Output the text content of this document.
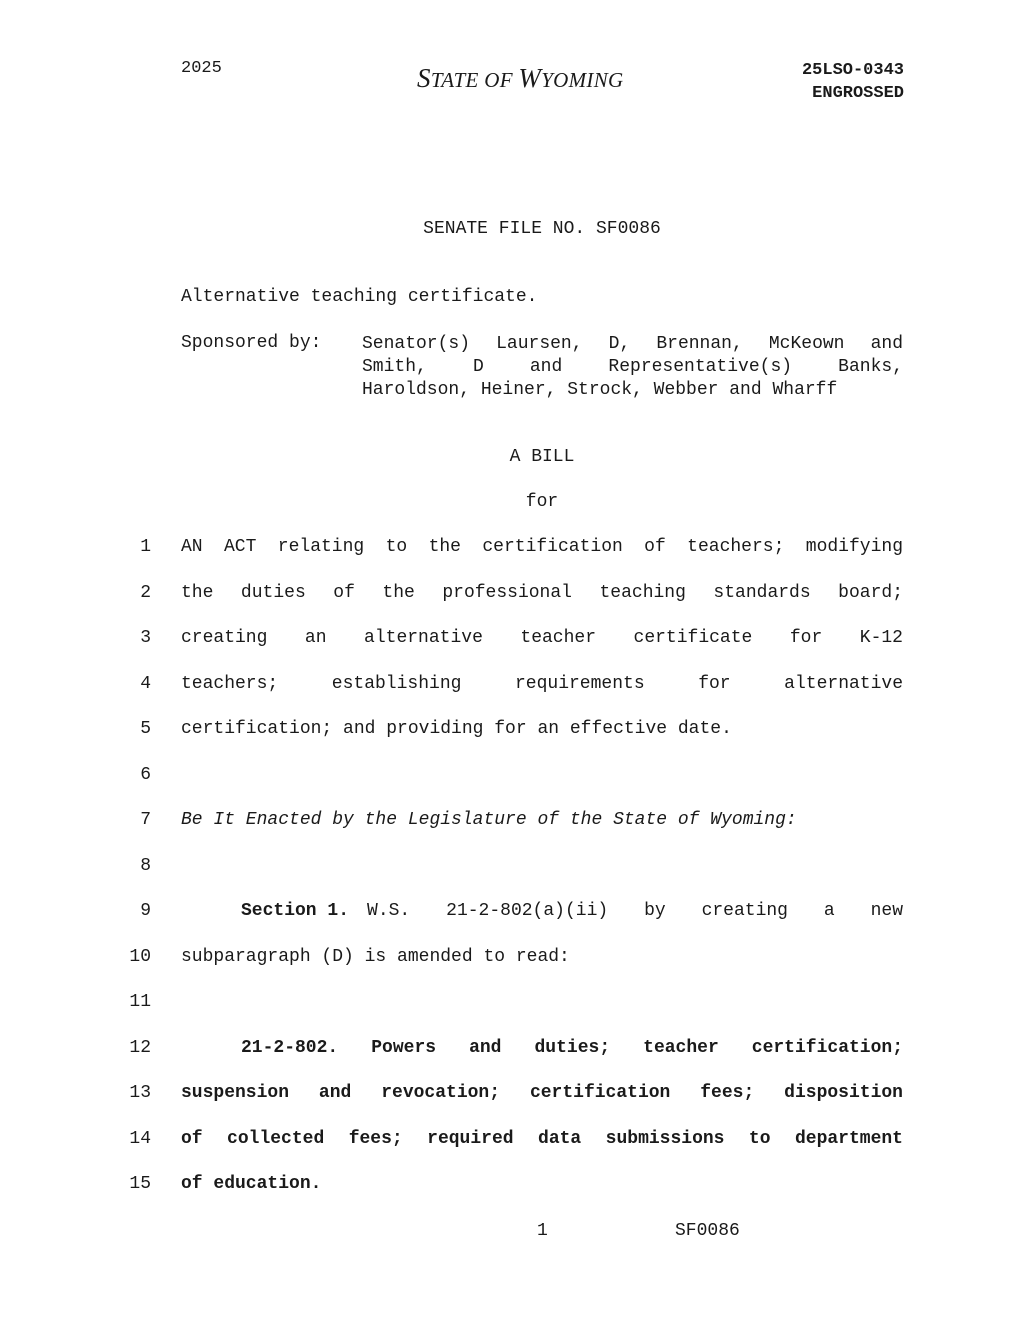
2025	STATE OF WYOMING	25LSO-0343
ENGROSSED
SENATE FILE NO. SF0086
Alternative teaching certificate.
Sponsored by: Senator(s) Laursen, D, Brennan, McKeown and
Smith, D and Representative(s) Banks,
Haroldson, Heiner, Strock, Webber and Wharff
A BILL
for
1 AN ACT relating to the certification of teachers; modifying
2 the duties of the professional teaching standards board;
3 creating an alternative teacher certificate for K-12
4 teachers; establishing requirements for alternative
5 certification; and providing for an effective date.
6
7 Be It Enacted by the Legislature of the State of Wyoming:
8
9	Section 1. W.S. 21-2-802(a)(ii) by creating a new
10 subparagraph (D) is amended to read:
11
12	21-2-802. Powers and duties; teacher certification;
13 suspension and revocation; certification fees; disposition
14 of collected fees; required data submissions to department
15 of education.
1	SF0086
